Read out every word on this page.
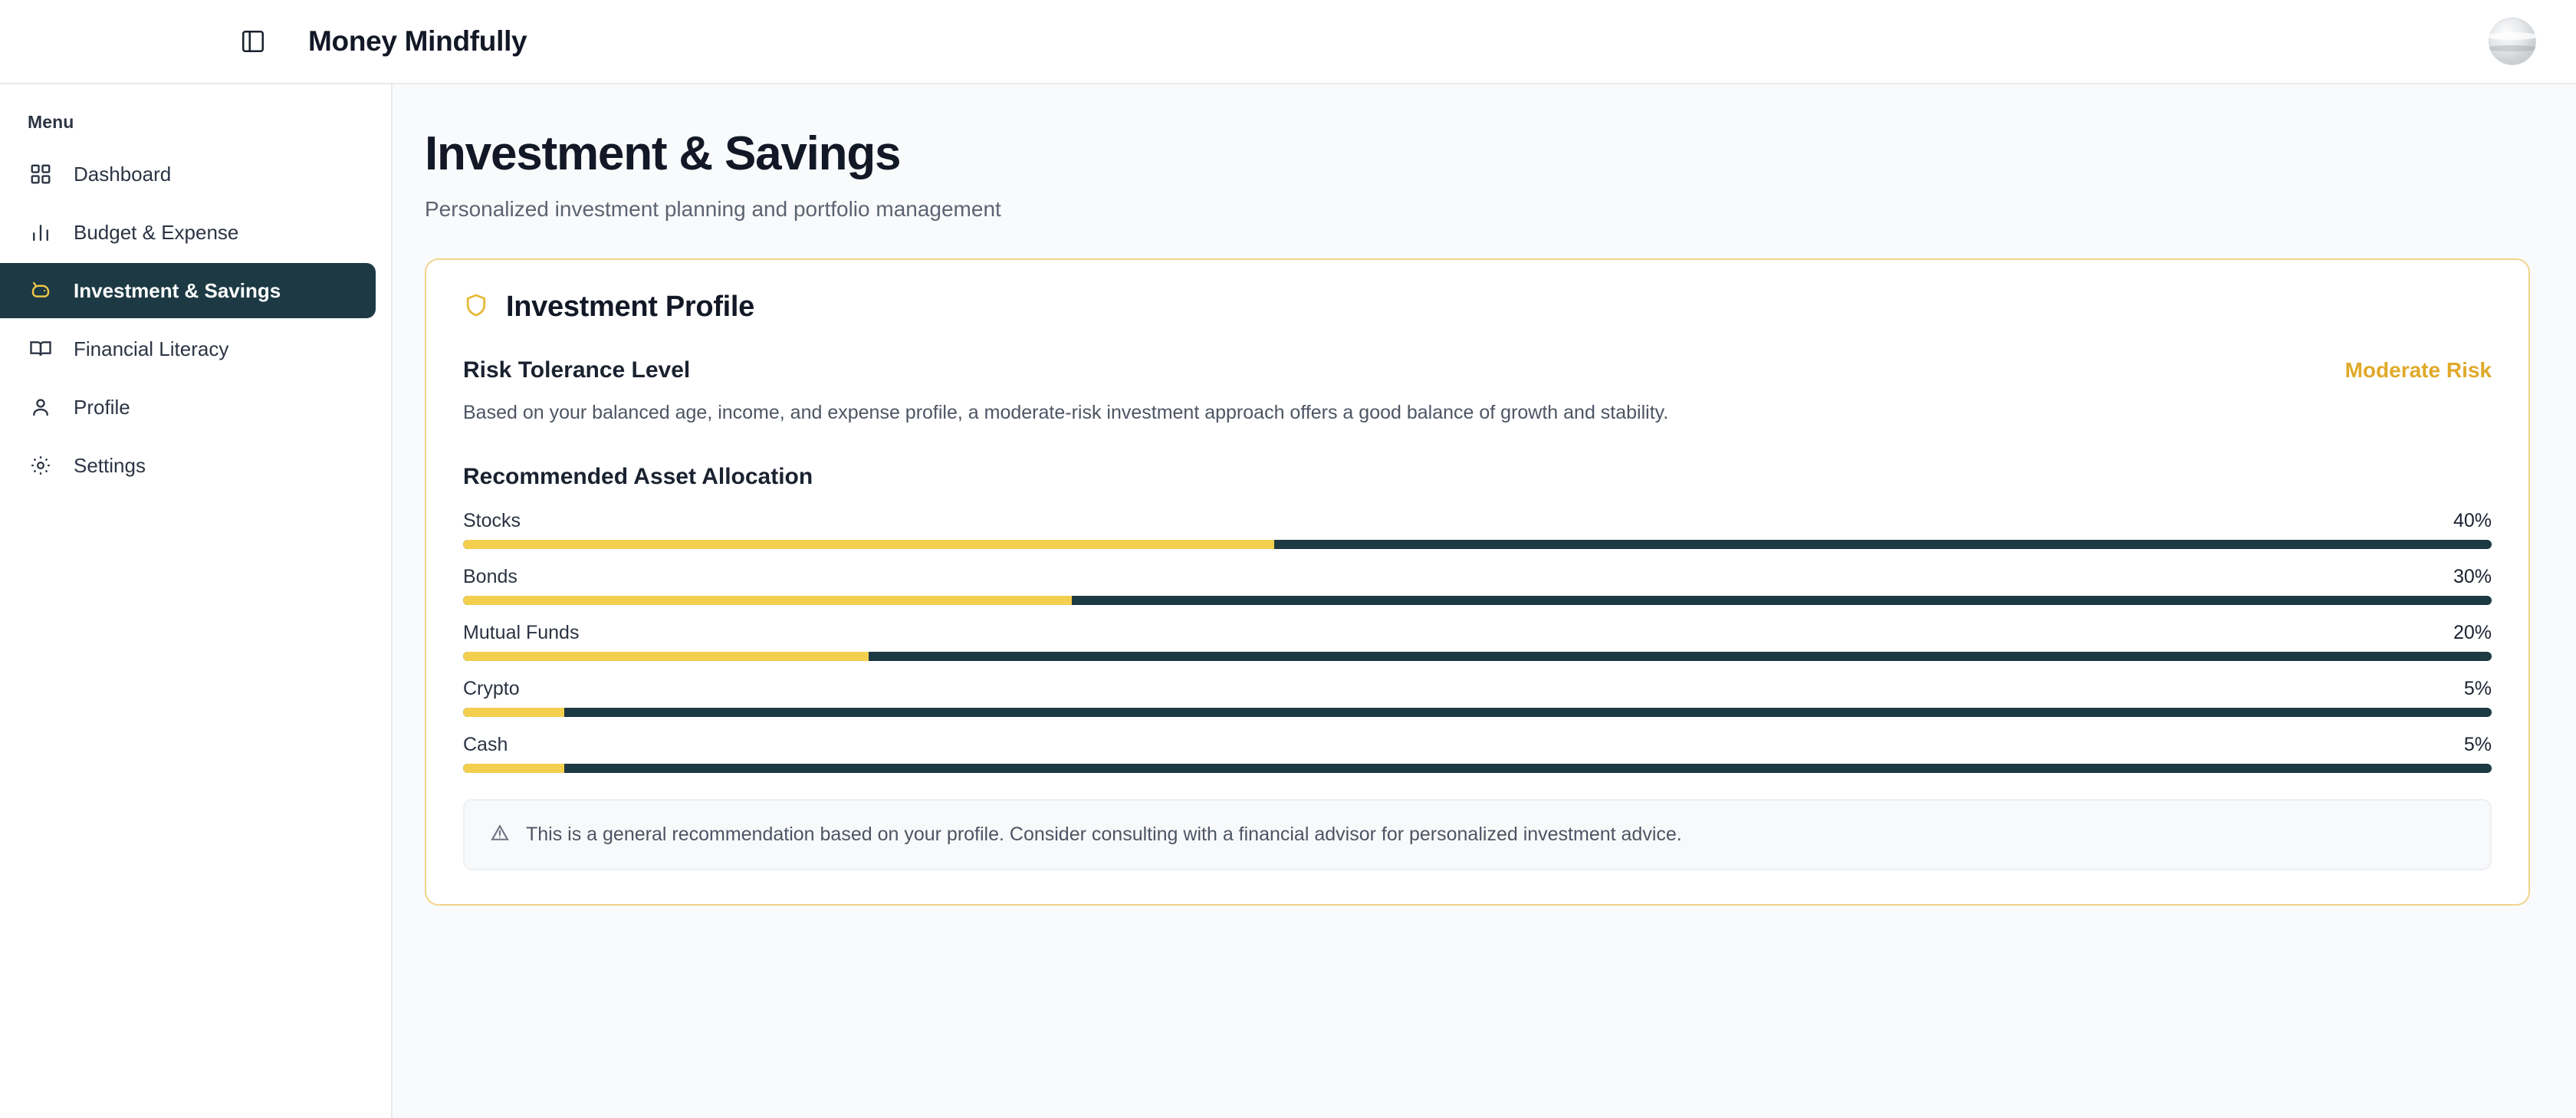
Money Mindfully
Menu
Dashboard
Budget & Expense
Investment & Savings
Financial Literacy
Profile
Settings
Investment & Savings
Personalized investment planning and portfolio management
Investment Profile
Risk Tolerance Level	Moderate Risk
Based on your balanced age, income, and expense profile, a moderate-risk investment approach offers a good balance of growth and stability.
Recommended Asset Allocation
Stocks	40%
Bonds	30%
Mutual Funds	20%
Crypto	5%
Cash	5%
This is a general recommendation based on your profile. Consider consulting with a financial advisor for personalized investment advice.
